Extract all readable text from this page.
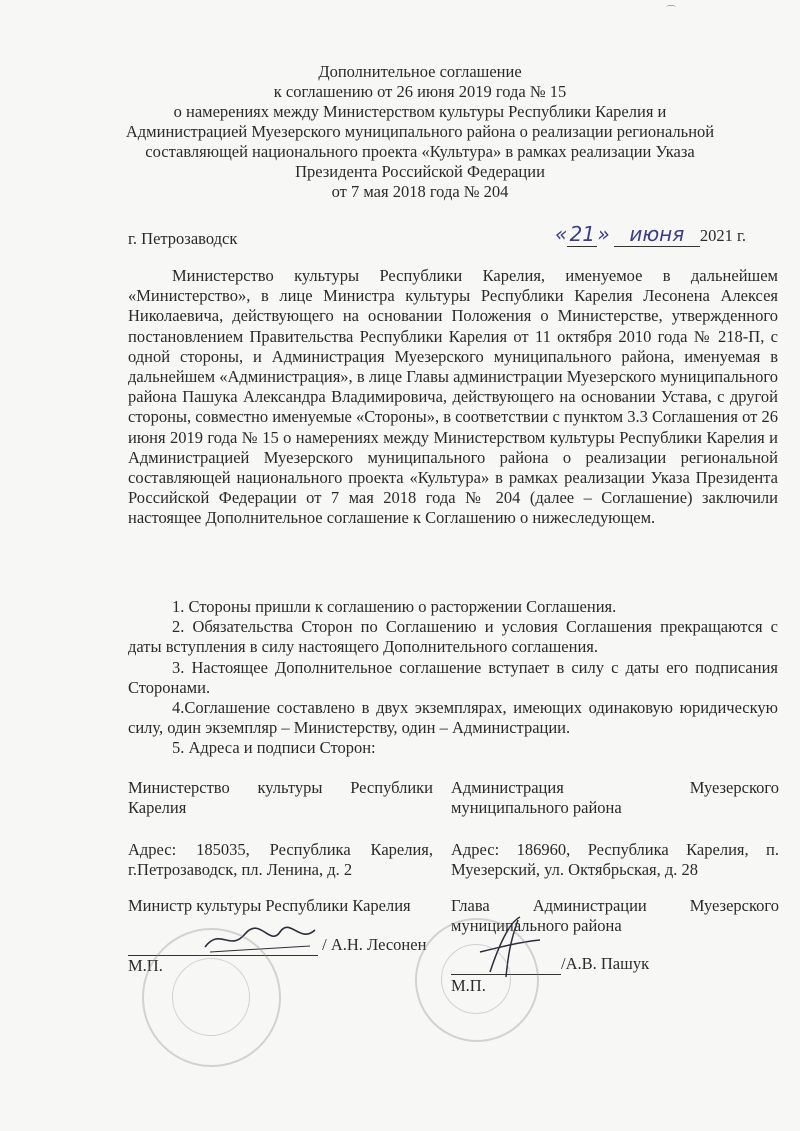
⌒
Дополнительное соглашение
к соглашению от 26 июня 2019 года № 15
о намерениях между Министерством культуры Республики Карелия и
Администрацией Муезерского муниципального района о реализации региональной
составляющей национального проекта «Культура» в рамках реализации Указа
Президента Российской Федерации
от 7 мая 2018 года № 204
г. Петрозаводск	« 21 » июня 2021 г.

Министерство культуры Республики Карелия, именуемое в дальнейшем «Министерство», в лице Министра культуры Республики Карелия Лесонена Алексея Николаевича, действующего на основании Положения о Министерстве, утвержденного постановлением Правительства Республики Карелия от 11 октября 2010 года № 218-П, с одной стороны, и Администрация Муезерского муниципального района, именуемая в дальнейшем «Администрация», в лице Главы администрации Муезерского муниципального района Пашука Александра Владимировича, действующего на основании Устава, с другой стороны, совместно именуемые «Стороны», в соответствии с пунктом 3.3 Соглашения от 26 июня 2019 года № 15 о намерениях между Министерством культуры Республики Карелия и Администрацией Муезерского муниципального района о реализации региональной составляющей национального проекта «Культура» в рамках реализации Указа Президента Российской Федерации от 7 мая 2018 года № 204 (далее – Соглашение) заключили настоящее Дополнительное соглашение к Соглашению о нижеследующем.

1. Стороны пришли к соглашению о расторжении Соглашения.

2. Обязательства Сторон по Соглашению и условия Соглашения прекращаются с даты вступления в силу настоящего Дополнительного соглашения.

3. Настоящее Дополнительное соглашение вступает в силу с даты его подписания Сторонами.

4.Соглашение составлено в двух экземплярах, имеющих одинаковую юридическую силу, один экземпляр – Министерству, один – Администрации.

5. Адреса и подписи Сторон:

Министерство культуры Республики Карелия
Адрес: 185035, Республика Карелия, г.Петрозаводск, пл. Ленина, д. 2
Министр культуры Республики Карелия
/ А.Н. Лесонен
М.П.
Администрация Муезерского муниципального района
Адрес: 186960, Республика Карелия, п. Муезерский, ул. Октябрьская, д. 28
Глава Администрации Муезерского муниципального района
/А.В. Пашук
М.П.
